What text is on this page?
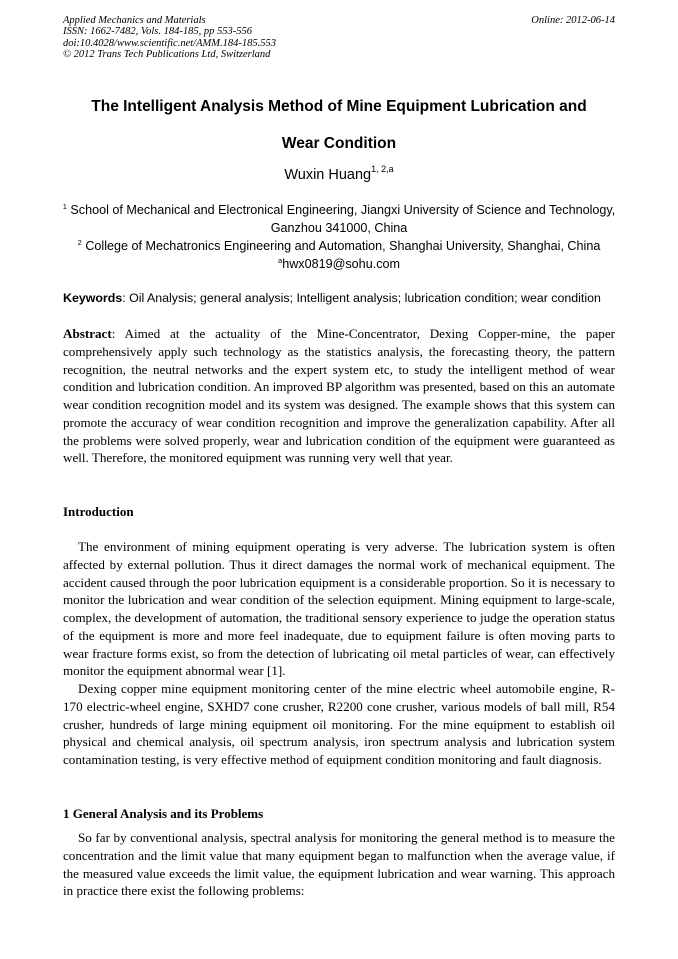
Applied Mechanics and Materials
ISSN: 1662-7482, Vols. 184-185, pp 553-556
doi:10.4028/www.scientific.net/AMM.184-185.553
© 2012 Trans Tech Publications Ltd, Switzerland
Online: 2012-06-14
The Intelligent Analysis Method of Mine Equipment Lubrication and
Wear Condition
Wuxin Huang$^{1, 2,a}$
$^1$ School of Mechanical and Electronical Engineering, Jiangxi University of Science and Technology,
Ganzhou 341000, China
$^2$ College of Mechatronics Engineering and Automation, Shanghai University, Shanghai, China
$^a$hwx0819@sohu.com
Keywords: Oil Analysis; general analysis; Intelligent analysis; lubrication condition; wear condition
Abstract: Aimed at the actuality of the Mine-Concentrator, Dexing Copper-mine, the paper comprehensively apply such technology as the statistics analysis, the forecasting theory, the pattern recognition, the neutral networks and the expert system etc, to study the intelligent method of wear condition and lubrication condition. An improved BP algorithm was presented, based on this an automate wear condition recognition model and its system was designed. The example shows that this system can promote the accuracy of wear condition recognition and improve the generalization capability. After all the problems were solved properly, wear and lubrication condition of the equipment were guaranteed as well. Therefore, the monitored equipment was running very well that year.
Introduction
The environment of mining equipment operating is very adverse. The lubrication system is often affected by external pollution. Thus it direct damages the normal work of mechanical equipment. The accident caused through the poor lubrication equipment is a considerable proportion. So it is necessary to monitor the lubrication and wear condition of the selection equipment. Mining equipment to large-scale, complex, the development of automation, the traditional sensory experience to judge the operation status of the equipment is more and more feel inadequate, due to equipment failure is often moving parts to wear fracture forms exist, so from the detection of lubricating oil metal particles of wear, can effectively monitor the equipment abnormal wear [1].
Dexing copper mine equipment monitoring center of the mine electric wheel automobile engine, R-170 electric-wheel engine, SXHD7 cone crusher, R2200 cone crusher, various models of ball mill, R54 crusher, hundreds of large mining equipment oil monitoring. For the mine equipment to establish oil physical and chemical analysis, oil spectrum analysis, iron spectrum analysis and lubrication system contamination testing, is very effective method of equipment condition monitoring and fault diagnosis.
1 General Analysis and its Problems
So far by conventional analysis, spectral analysis for monitoring the general method is to measure the concentration and the limit value that many equipment began to malfunction when the average value, if the measured value exceeds the limit value, the equipment lubrication and wear warning. This approach in practice there exist the following problems:
